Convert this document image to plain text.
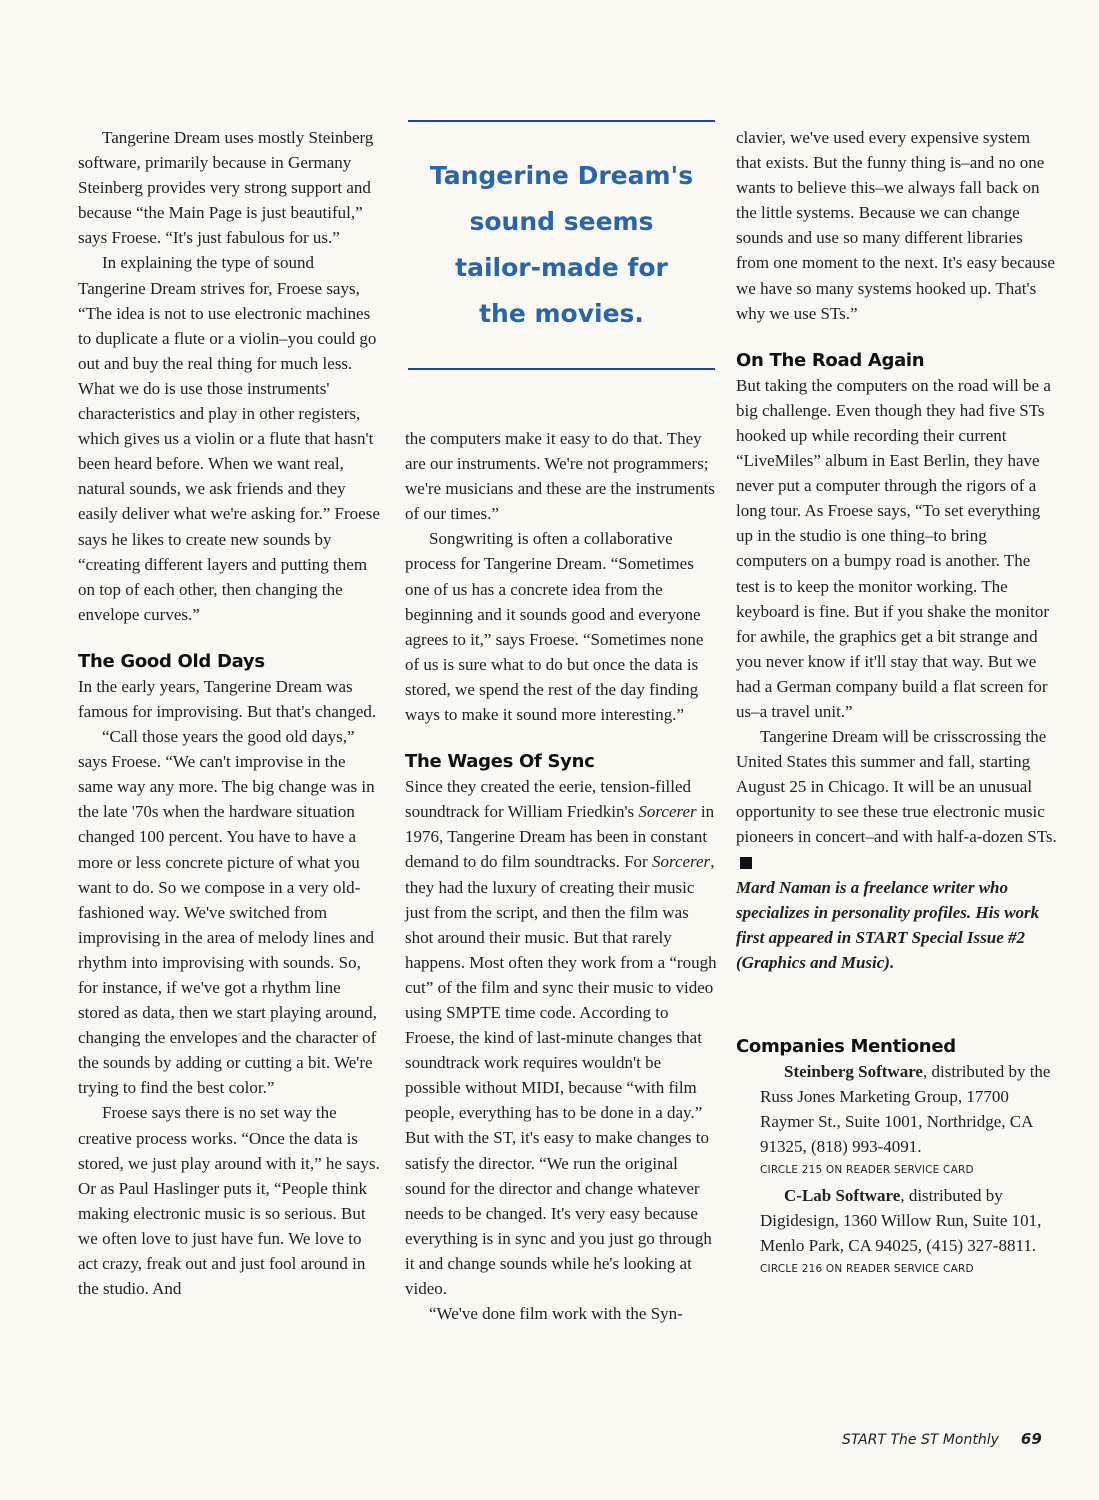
Tangerine Dream's
sound seems
tailor-made for
the movies.

Tangerine Dream uses mostly Steinberg software, primarily because in Germany Steinberg provides very strong support and because “the Main Page is just beautiful,” says Froese. “It's just fabulous for us.”

In explaining the type of sound Tangerine Dream strives for, Froese says, “The idea is not to use electronic machines to duplicate a flute or a violin–you could go out and buy the real thing for much less. What we do is use those instruments' characteristics and play in other registers, which gives us a violin or a flute that hasn't been heard before. When we want real, natural sounds, we ask friends and they easily deliver what we're asking for.” Froese says he likes to create new sounds by “creating different layers and putting them on top of each other, then changing the envelope curves.”

The Good Old Days

In the early years, Tangerine Dream was famous for improvising. But that's changed.

“Call those years the good old days,” says Froese. “We can't improvise in the same way any more. The big change was in the late '70s when the hardware situation changed 100 percent. You have to have a more or less concrete picture of what you want to do. So we compose in a very old-fashioned way. We've switched from improvising in the area of melody lines and rhythm into improvising with sounds. So, for instance, if we've got a rhythm line stored as data, then we start playing around, changing the envelopes and the character of the sounds by adding or cutting a bit. We're trying to find the best color.”

Froese says there is no set way the creative process works. “Once the data is stored, we just play around with it,” he says. Or as Paul Haslinger puts it, “People think making electronic music is so serious. But we often love to just have fun. We love to act crazy, freak out and just fool around in the studio. And

the computers make it easy to do that. They are our instruments. We're not programmers; we're musicians and these are the instruments of our times.”

Songwriting is often a collaborative process for Tangerine Dream. “Sometimes one of us has a concrete idea from the beginning and it sounds good and everyone agrees to it,” says Froese. “Sometimes none of us is sure what to do but once the data is stored, we spend the rest of the day finding ways to make it sound more interesting.”

The Wages Of Sync

Since they created the eerie, tension-filled soundtrack for William Friedkin's Sorcerer in 1976, Tangerine Dream has been in constant demand to do film soundtracks. For Sorcerer, they had the luxury of creating their music just from the script, and then the film was shot around their music. But that rarely happens. Most often they work from a “rough cut” of the film and sync their music to video using SMPTE time code. According to Froese, the kind of last-minute changes that soundtrack work requires wouldn't be possible without MIDI, because “with film people, everything has to be done in a day.” But with the ST, it's easy to make changes to satisfy the director. “We run the original sound for the director and change whatever needs to be changed. It's very easy because everything is in sync and you just go through it and change sounds while he's looking at video.

“We've done film work with the Syn-

clavier, we've used every expensive system that exists. But the funny thing is–and no one wants to believe this–we always fall back on the little systems. Because we can change sounds and use so many different libraries from one moment to the next. It's easy because we have so many systems hooked up. That's why we use STs.”

On The Road Again

But taking the computers on the road will be a big challenge. Even though they had five STs hooked up while recording their current “LiveMiles” album in East Berlin, they have never put a computer through the rigors of a long tour. As Froese says, “To set everything up in the studio is one thing–to bring computers on a bumpy road is another. The test is to keep the monitor working. The keyboard is fine. But if you shake the monitor for awhile, the graphics get a bit strange and you never know if it'll stay that way. But we had a German company build a flat screen for us–a travel unit.”

Tangerine Dream will be crisscrossing the United States this summer and fall, starting August 25 in Chicago. It will be an unusual opportunity to see these true electronic music pioneers in concert–and with half-a-dozen STs.

Mard Naman is a freelance writer who specializes in personality profiles. His work first appeared in START Special Issue #2 (Graphics and Music).

Companies Mentioned

Steinberg Software, distributed by the Russ Jones Marketing Group, 17700 Raymer St., Suite 1001, Northridge, CA 91325, (818) 993-4091.

CIRCLE 215 ON READER SERVICE CARD

C-Lab Software, distributed by Digidesign, 1360 Willow Run, Suite 101, Menlo Park, CA 94025, (415) 327-8811.

CIRCLE 216 ON READER SERVICE CARD
START The ST Monthly 69
